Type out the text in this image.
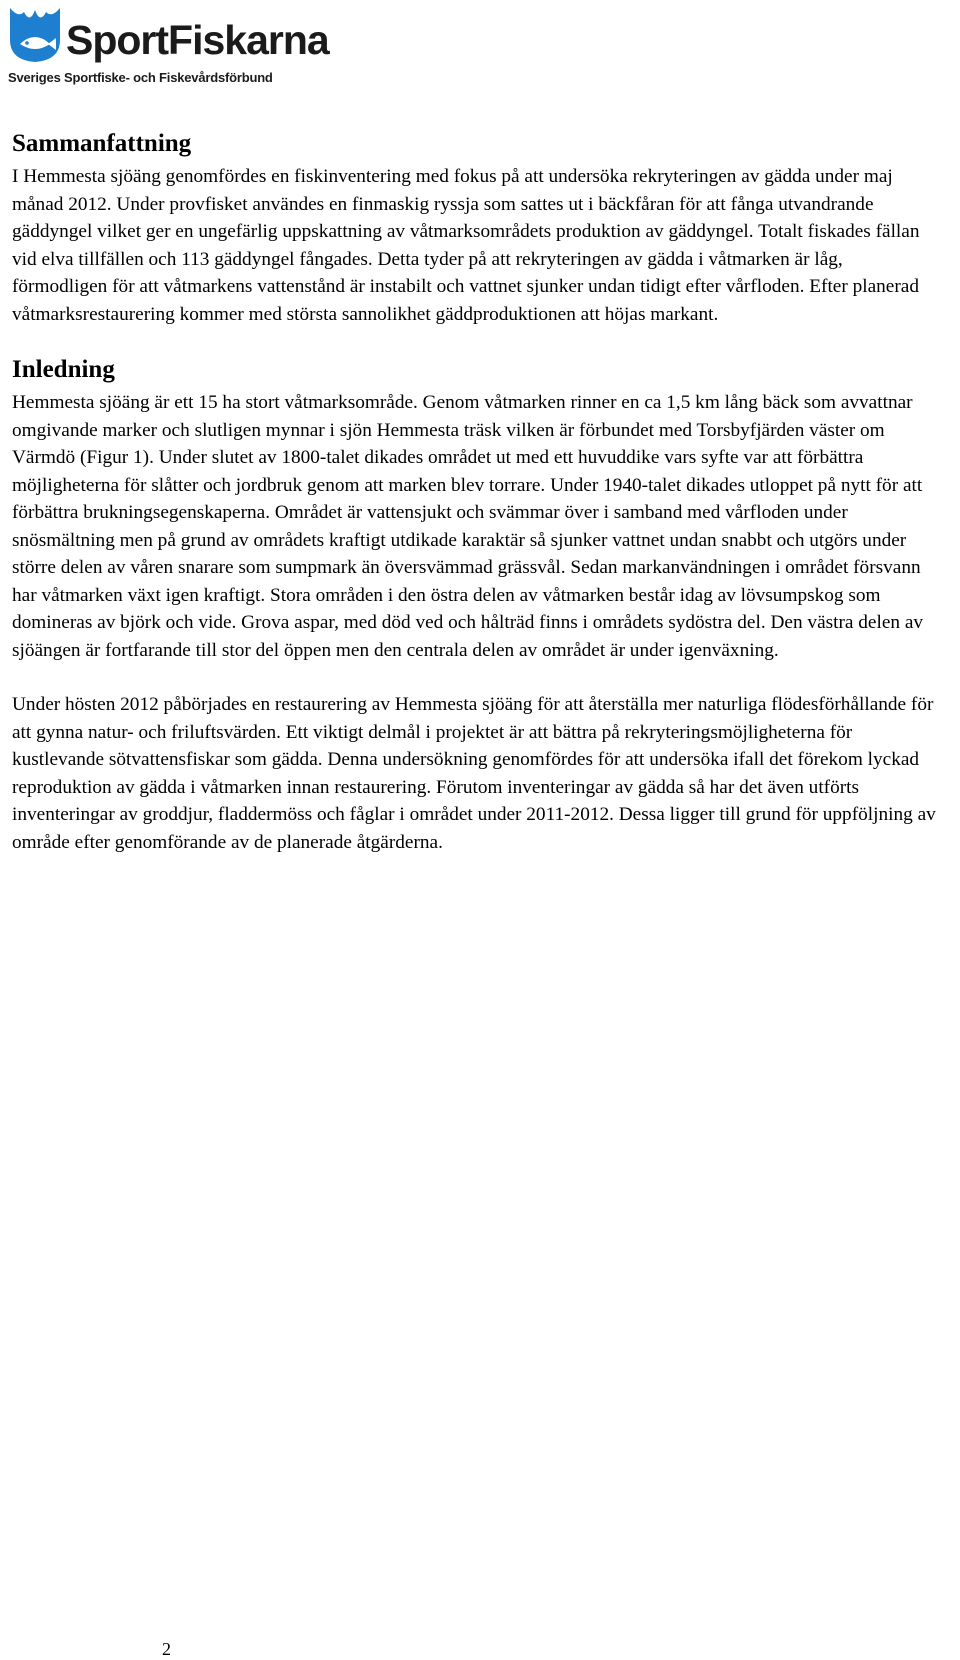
SportFiskarna
Sveriges Sportfiske- och Fiskevårdsförbund
Sammanfattning

I Hemmesta sjöäng genomfördes en fiskinventering med fokus på att undersöka rekryteringen av gädda under maj månad 2012. Under provfisket användes en finmaskig ryssja som sattes ut i bäckfåran för att fånga utvandrande gäddyngel vilket ger en ungefärlig uppskattning av våtmarksområdets produktion av gäddyngel. Totalt fiskades fällan vid elva tillfällen och 113 gäddyngel fångades. Detta tyder på att rekryteringen av gädda i våtmarken är låg, förmodligen för att våtmarkens vattenstånd är instabilt och vattnet sjunker undan tidigt efter vårfloden. Efter planerad våtmarksrestaurering kommer med största sannolikhet gäddproduktionen att höjas markant.

Inledning

Hemmesta sjöäng är ett 15 ha stort våtmarksområde. Genom våtmarken rinner en ca 1,5 km lång bäck som avvattnar omgivande marker och slutligen mynnar i sjön Hemmesta träsk vilken är förbundet med Torsbyfjärden väster om Värmdö (Figur 1). Under slutet av 1800-talet dikades området ut med ett huvuddike vars syfte var att förbättra möjligheterna för slåtter och jordbruk genom att marken blev torrare. Under 1940-talet dikades utloppet på nytt för att förbättra brukningsegenskaperna. Området är vattensjukt och svämmar över i samband med vårfloden under snösmältning men på grund av områdets kraftigt utdikade karaktär så sjunker vattnet undan snabbt och utgörs under större delen av våren snarare som sumpmark än översvämmad grässvål. Sedan markanvändningen i området försvann har våtmarken växt igen kraftigt. Stora områden i den östra delen av våtmarken består idag av lövsumpskog som domineras av björk och vide. Grova aspar, med död ved och hålträd finns i områdets sydöstra del. Den västra delen av sjöängen är fortfarande till stor del öppen men den centrala delen av området är under igenväxning.

Under hösten 2012 påbörjades en restaurering av Hemmesta sjöäng för att återställa mer naturliga flödesförhållande för att gynna natur- och friluftsvärden. Ett viktigt delmål i projektet är att bättra på rekryteringsmöjligheterna för kustlevande sötvattensfiskar som gädda. Denna undersökning genomfördes för att undersöka ifall det förekom lyckad reproduktion av gädda i våtmarken innan restaurering. Förutom inventeringar av gädda så har det även utförts inventeringar av groddjur, fladdermöss och fåglar i området under 2011-2012. Dessa ligger till grund för uppföljning av område efter genomförande av de planerade åtgärderna.

2
